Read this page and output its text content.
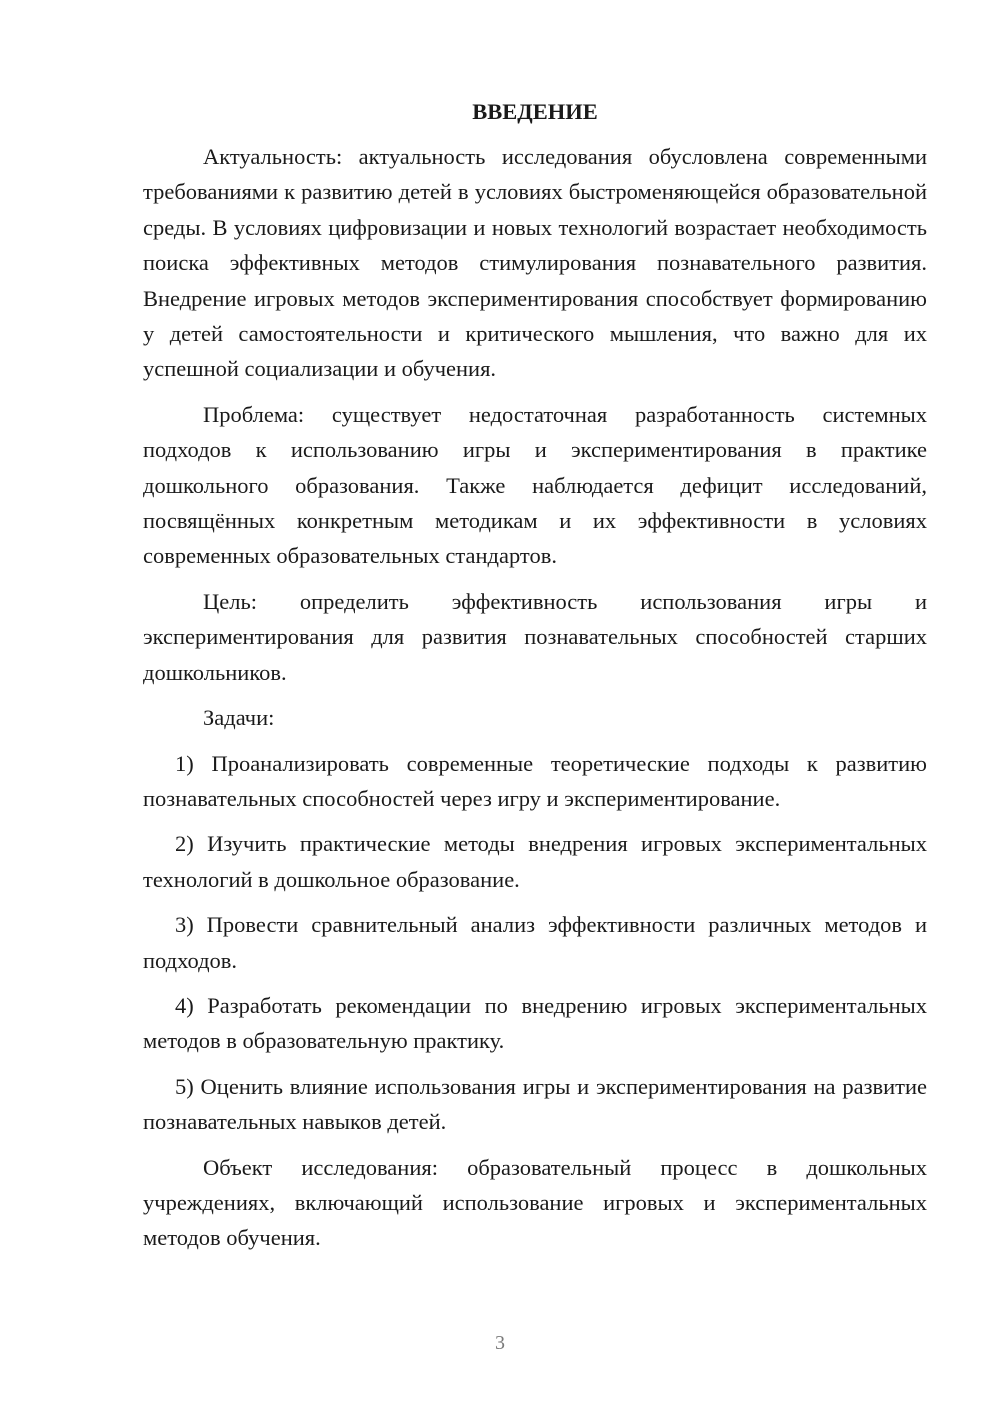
ВВЕДЕНИЕ

Актуальность: актуальность исследования обусловлена современными требованиями к развитию детей в условиях быстроменяющейся образовательной среды. В условиях цифровизации и новых технологий возрастает необходимость поиска эффективных методов стимулирования познавательного развития. Внедрение игровых методов экспериментирования способствует формированию у детей самостоятельности и критического мышления, что важно для их успешной социализации и обучения.

Проблема: существует недостаточная разработанность системных подходов к использованию игры и экспериментирования в практике дошкольного образования. Также наблюдается дефицит исследований, посвящённых конкретным методикам и их эффективности в условиях современных образовательных стандартов.

Цель: определить эффективность использования игры и экспериментирования для развития познавательных способностей старших дошкольников.

Задачи:

1) Проанализировать современные теоретические подходы к развитию познавательных способностей через игру и экспериментирование.

2) Изучить практические методы внедрения игровых экспериментальных технологий в дошкольное образование.

3) Провести сравнительный анализ эффективности различных методов и подходов.

4) Разработать рекомендации по внедрению игровых экспериментальных методов в образовательную практику.

5) Оценить влияние использования игры и экспериментирования на развитие познавательных навыков детей.

Объект исследования: образовательный процесс в дошкольных учреждениях, включающий использование игровых и экспериментальных методов обучения.

3
